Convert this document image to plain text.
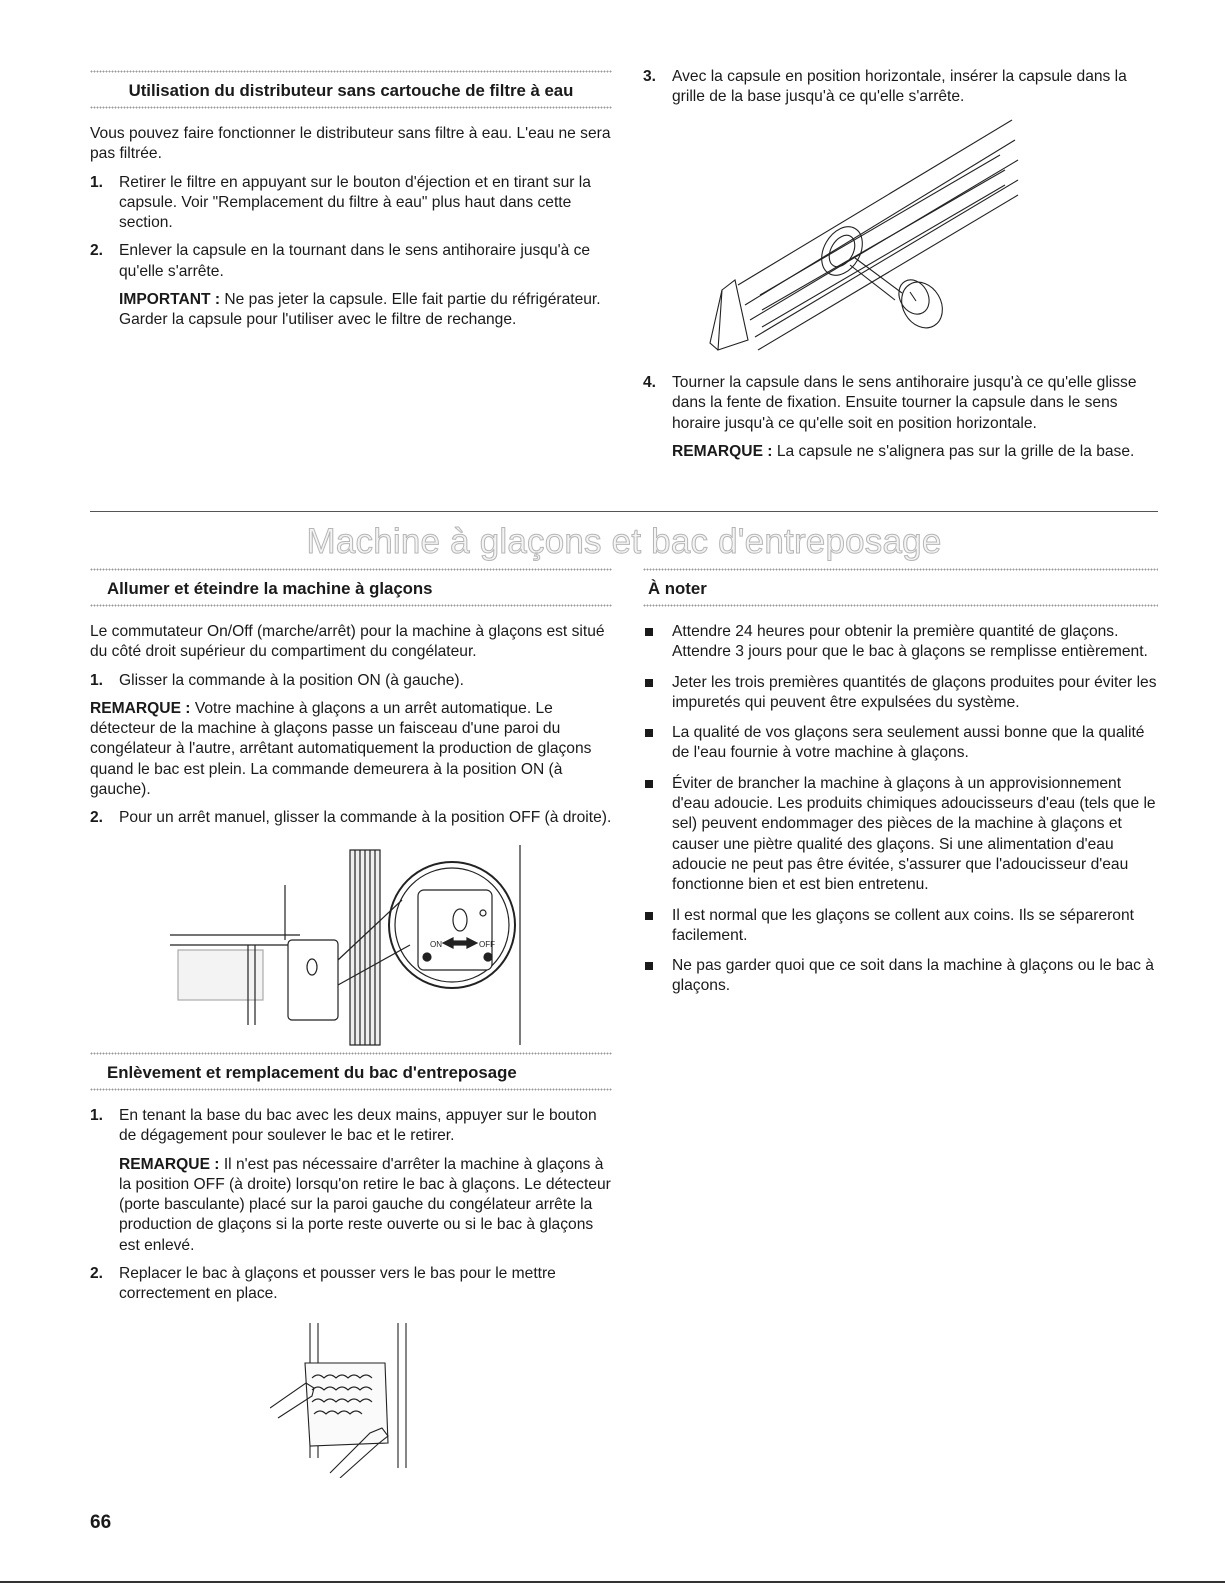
Utilisation du distributeur sans cartouche de filtre à eau

Vous pouvez faire fonctionner le distributeur sans filtre à eau. L'eau ne sera pas filtrée.

1. Retirer le filtre en appuyant sur le bouton d'éjection et en tirant sur la capsule. Voir "Remplacement du filtre à eau" plus haut dans cette section.

2. Enlever la capsule en la tournant dans le sens antihoraire jusqu'à ce qu'elle s'arrête.

IMPORTANT : Ne pas jeter la capsule. Elle fait partie du réfrigérateur. Garder la capsule pour l'utiliser avec le filtre de rechange.

3. Avec la capsule en position horizontale, insérer la capsule dans la grille de la base jusqu'à ce qu'elle s'arrête.

4. Tourner la capsule dans le sens antihoraire jusqu'à ce qu'elle glisse dans la fente de fixation. Ensuite tourner la capsule dans le sens horaire jusqu'à ce qu'elle soit en position horizontale.

REMARQUE : La capsule ne s'alignera pas sur la grille de la base.

Machine à glaçons et bac d'entreposage
Allumer et éteindre la machine à glaçons

Le commutateur On/Off (marche/arrêt) pour la machine à glaçons est situé du côté droit supérieur du compartiment du congélateur.

1. Glisser la commande à la position ON (à gauche).

REMARQUE : Votre machine à glaçons a un arrêt automatique. Le détecteur de la machine à glaçons passe un faisceau d'une paroi du congélateur à l'autre, arrêtant automatiquement la production de glaçons quand le bac est plein. La commande demeurera à la position ON (à gauche).

2. Pour un arrêt manuel, glisser la commande à la position OFF (à droite).

ON	OFF
Enlèvement et remplacement du bac d'entreposage

1. En tenant la base du bac avec les deux mains, appuyer sur le bouton de dégagement pour soulever le bac et le retirer.

REMARQUE : Il n'est pas nécessaire d'arrêter la machine à glaçons à la position OFF (à droite) lorsqu'on retire le bac à glaçons. Le détecteur (porte basculante) placé sur la paroi gauche du congélateur arrête la production de glaçons si la porte reste ouverte ou si le bac à glaçons est enlevé.

2. Replacer le bac à glaçons et pousser vers le bas pour le mettre correctement en place.

À noter

Attendre 24 heures pour obtenir la première quantité de glaçons. Attendre 3 jours pour que le bac à glaçons se remplisse entièrement.

Jeter les trois premières quantités de glaçons produites pour éviter les impuretés qui peuvent être expulsées du système.

La qualité de vos glaçons sera seulement aussi bonne que la qualité de l'eau fournie à votre machine à glaçons.

Éviter de brancher la machine à glaçons à un approvisionnement d'eau adoucie. Les produits chimiques adoucisseurs d'eau (tels que le sel) peuvent endommager des pièces de la machine à glaçons et causer une piètre qualité des glaçons. Si une alimentation d'eau adoucie ne peut pas être évitée, s'assurer que l'adoucisseur d'eau fonctionne bien et est bien entretenu.

Il est normal que les glaçons se collent aux coins. Ils se sépareront facilement.

Ne pas garder quoi que ce soit dans la machine à glaçons ou le bac à glaçons.

66
